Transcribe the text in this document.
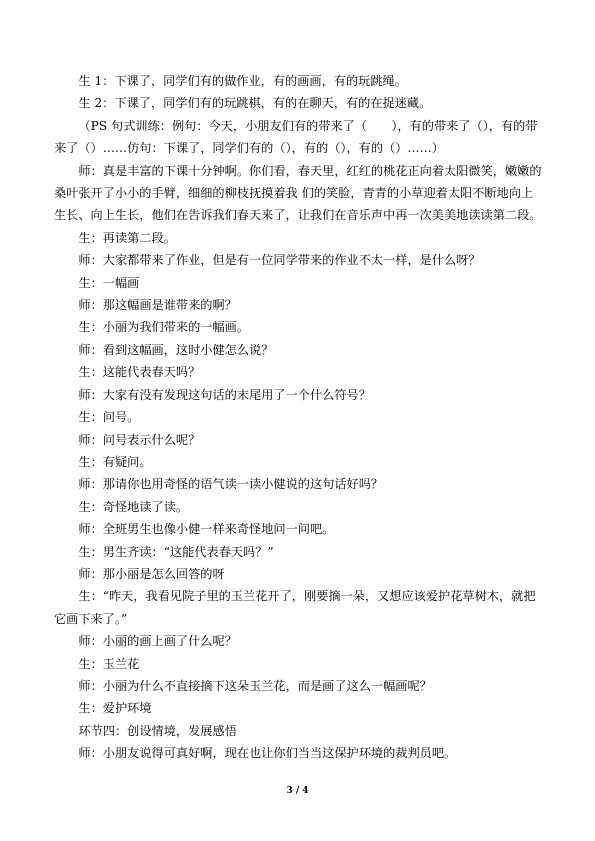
生 1：下课了，同学们有的做作业，有的画画，有的玩跳绳。

生 2：下课了，同学们有的玩跳棋，有的在聊天，有的在捉迷藏。

（PS 句式训练：例句：今天，小朋友们有的带来了（　　），有的带来了（），有的带来了（）……仿句：下课了，同学们有的（），有的（），有的（）……）

师：真是丰富的下课十分钟啊。你们看，春天里，红红的桃花正向着太阳微笑，嫩嫩的桑叶张开了小小的手臂，细细的柳枝抚摸着我 们的笑脸，青青的小草迎着太阳不断地向上生长、向上生长，他们在告诉我们春天来了，让我们在音乐声中再一次美美地读读第二段。

生：再读第二段。

师：大家都带来了作业，但是有一位同学带来的作业不太一样，是什么呀？

生：一幅画

师：那这幅画是谁带来的啊？

生：小丽为我们带来的一幅画。

师：看到这幅画，这时小健怎么说？

生：这能代表春天吗？

师：大家有没有发现这句话的末尾用了一个什么符号？

生：问号。

师：问号表示什么呢？

生：有疑问。

师：那请你也用奇怪的语气读一读小健说的这句话好吗？

生：奇怪地读了读。

师：全班男生也像小健一样来奇怪地问一问吧。

生：男生齐读：“这能代表春天吗？”

师：那小丽是怎么回答的呀

生：“昨天，我看见院子里的玉兰花开了，刚要摘一朵，又想应该爱护花草树木，就把它画下来了。”

师：小丽的画上画了什么呢？

生：玉兰花

师：小丽为什么不直接摘下这朵玉兰花，而是画了这么一幅画呢？

生：爱护环境

环节四：创设情境，发展感悟

师：小朋友说得可真好啊，现在也让你们当当这保护环境的裁判员吧。

3 / 4
